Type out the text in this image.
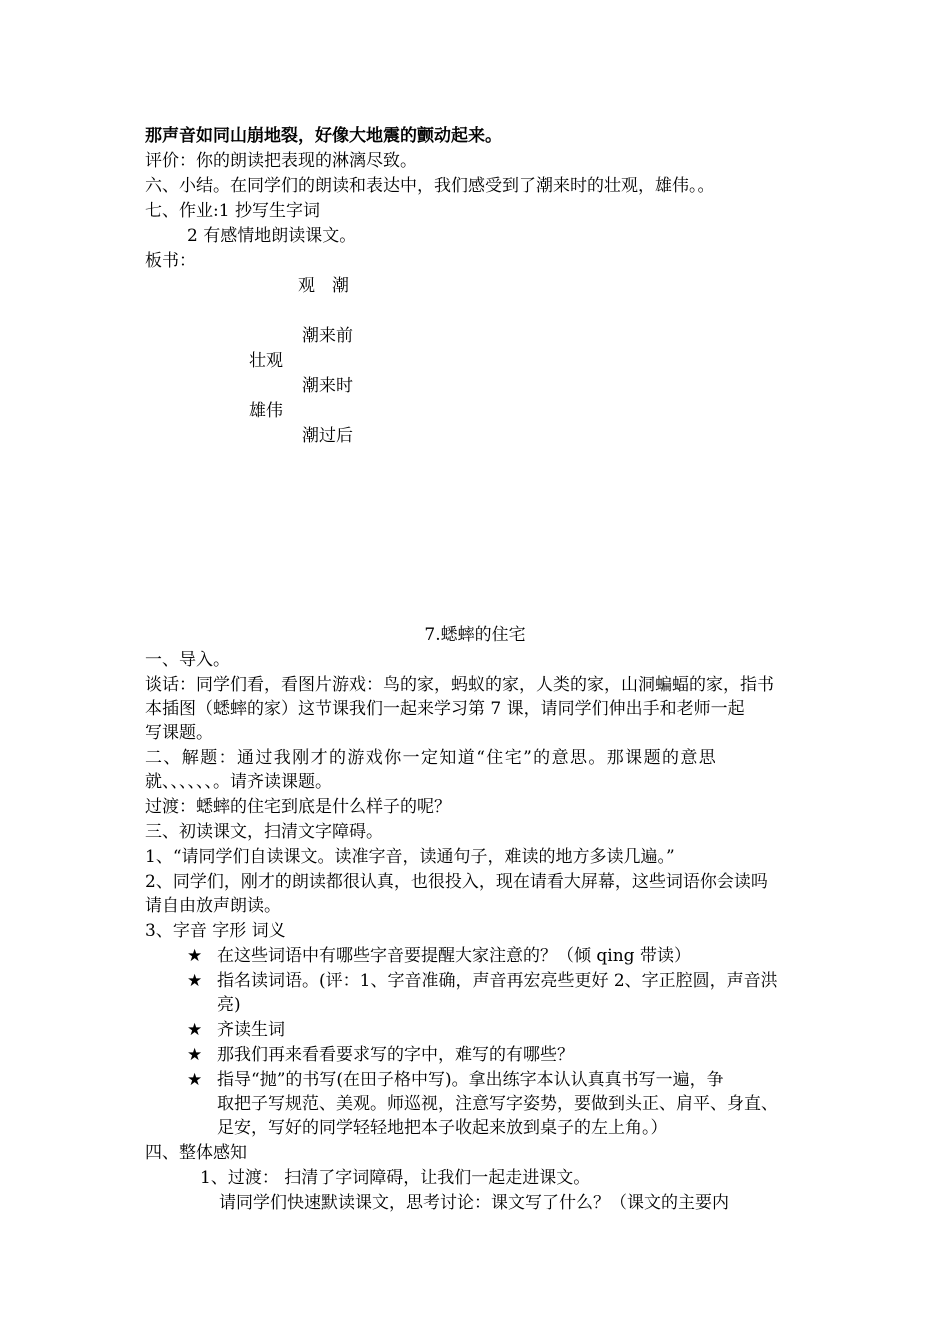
那声音如同山崩地裂，好像大地震的颤动起来。
评价：你的朗读把表现的淋漓尽致。
六、小结。在同学们的朗读和表达中，我们感受到了潮来时的壮观，雄伟。。
七、作业:1 抄写生字词
2 有感情地朗读课文。
板书：
观　潮
潮来前
壮观
潮来时
雄伟
潮过后
7.蟋蟀的住宅
一、导入。
谈话：同学们看，看图片游戏：鸟的家，蚂蚁的家，人类的家，山洞蝙蝠的家，指书
本插图（蟋蟀的家）这节课我们一起来学习第 7 课，请同学们伸出手和老师一起
写课题。
二、解题：通过我刚才的游戏你一定知道“住宅”的意思。那课题的意思
就、、、、、、。请齐读课题。
过渡：蟋蟀的住宅到底是什么样子的呢？
三、初读课文，扫清文字障碍。
1、“请同学们自读课文。读准字音，读通句子，难读的地方多读几遍。”
2、同学们，刚才的朗读都很认真，也很投入，现在请看大屏幕，这些词语你会读吗
请自由放声朗读。
3、字音 字形 词义
★ 在这些词语中有哪些字音要提醒大家注意的？（倾 qing 带读）
★ 指名读词语。(评：1、字音准确，声音再宏亮些更好 2、字正腔圆，声音洪
亮)
★ 齐读生词
★ 那我们再来看看要求写的字中，难写的有哪些？
★ 指导“抛”的书写(在田子格中写)。拿出练字本认认真真书写一遍，争
取把子写规范、美观。师巡视，注意写字姿势，要做到头正、肩平、身直、
足安，写好的同学轻轻地把本子收起来放到桌子的左上角。）
四、整体感知
1、过渡： 扫清了字词障碍，让我们一起走进课文。
请同学们快速默读课文，思考讨论：课文写了什么？（课文的主要内
